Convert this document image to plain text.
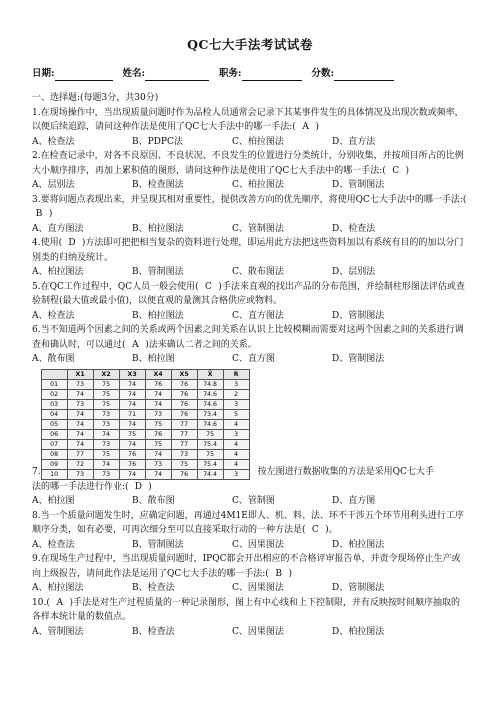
QC七大手法考试试卷
日期:	姓名:	职务:	分数:
一、选择题:(每题3分，共30分)
1.在现场操作中，当出现质量问题时作为品检人员通常会记录下其某事件发生的具体情况及出现次数或频率，以便后续追踪，请问这种作法是使用了QC七大手法中的哪一手法:( A )
A、检查法	B、PDPC法	C、柏拉图法	D、直方法
2.在检查记录中，对各不良原因、不良状况、不良发生的位置进行分类统计，分别收集，并按项目所占的比例大小顺序排序，再加上累积值的图形，请问这种作法是使用了QC七大手法中的哪一手法:( C )
A、层别法	B、检查图法	C、柏拉图法	D、管制图法
3.要将问题点表现出来，并呈现其相对重要性，提供改善方向的优先顺序，将使用QC七大手法中的哪一手法:( B )
A、直方图法	B、柏拉图法	C、管制图法	D、检查法
4.使用( D )方法即可把把相当复杂的资料进行处理，即运用此方法把这些资料加以有系统有目的的加以分门别类的归纳及统计。
A、柏拉图法	B、管制图法	C、散布图法	D、层别法
5.在QC工作过程中，QC人员一般会使用( C )手法来直观的找出产品的分布范围，并绘制柱形图法评估或查验制程(最大值或最小值)，以便直观的量测其合格供应或物料。
A、检查法	B、柏拉图法	C、直方图法	D、管制图法
6.当不知道两个因素之间的关系或两个因素之间关系在认识上比较模糊而需要对这两个因素之间的关系进行调查和确认时，可以通过( A )法来确认二者之间的关系。
A、散布图	B、柏拉图	C、直方图	D、管制图法
7.
	X1	X2	X3	X4	X5	X̄	R
01	73	75	74	76	76	74.8	3
02	74	75	74	74	76	74.6	2
03	73	75	74	74	76	74.6	3
04	74	73	71	73	76	73.4	5
05	74	73	74	75	77	74.6	4
06	74	74	75	76	77	75	3
07	74	73	74	75	77	75.4	4
08	77	75	76	74	73	75	4
09	72	74	76	73	75	75.4	4
10	73	73	74	74	76	74.4	3 按左图进行数据收集的方法是采用QC七大手
法的哪一手法进行作业:( D )
A、柏拉图	B、散布图	C、管制图	D、直方图
8.当一个质量问题发生时，应确定问题，再通过4M1E即人、机、料、法、环不干涉五个环节用利头进行工序顺序分类，如有必要，可再次细分至可以直接采取行动的一种方法是( C )。
A、检查法	B、管制图法	C、因果图法	D、柏拉图法
9.在现场生产过程中，当出现质量问题时，IPQC都会开出相应的不合格评审报告单，并责令现场停止生产或向上级报告，请问此作法是运用了QC七大手法的哪一手法:( B )
A、柏拉图法	B、检查法	C、因果图法	D、管制图法
10.( A )手法是对生产过程质量的一种记录图形，图上有中心线和上下控制限，并有反映按时间顺序抽取的各样本统计量的数值点。
A、管制图法	B、检查法	C、因果图法	D、柏拉图法
